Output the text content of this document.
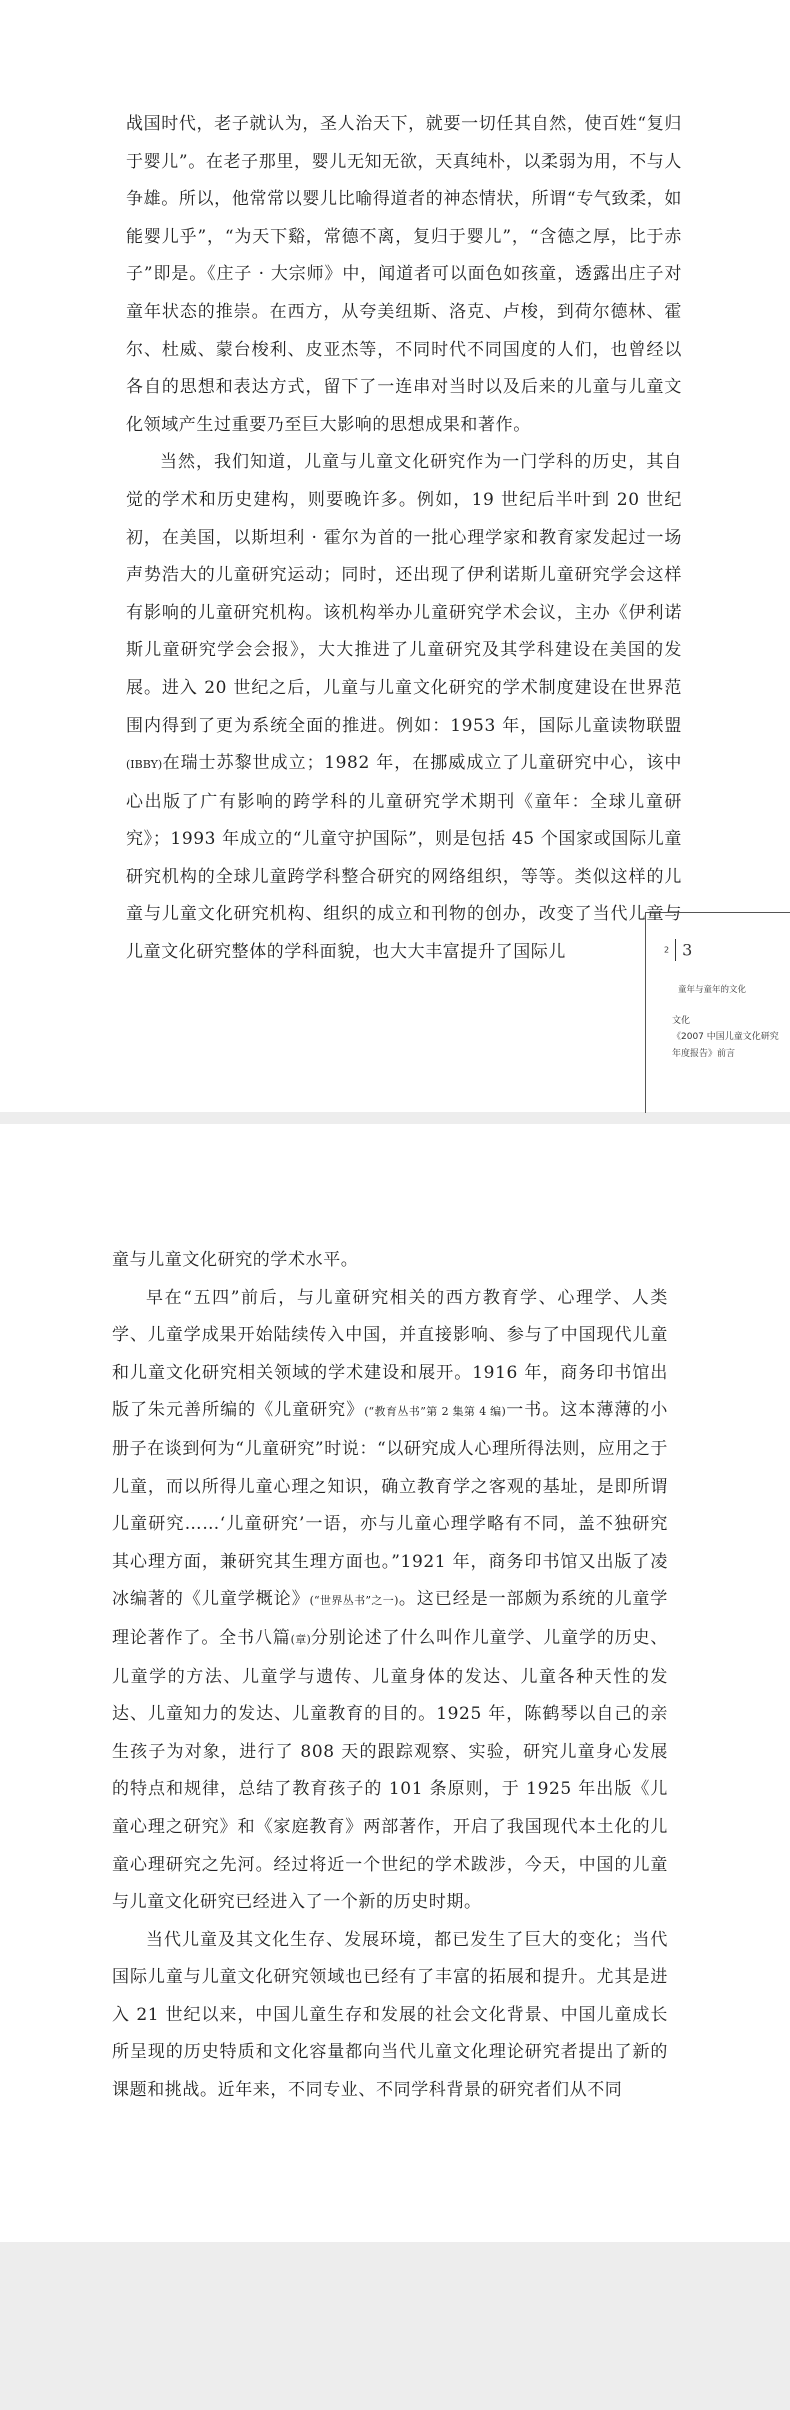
战国时代，老子就认为，圣人治天下，就要一切任其自然，使百姓“复归于婴儿”。在老子那里，婴儿无知无欲，天真纯朴，以柔弱为用，不与人争雄。所以，他常常以婴儿比喻得道者的神态情状，所谓“专气致柔，如能婴儿乎”，“为天下谿，常德不离，复归于婴儿”，“含德之厚，比于赤子”即是。《庄子 · 大宗师》中，闻道者可以面色如孩童，透露出庄子对童年状态的推崇。在西方，从夸美纽斯、洛克、卢梭，到荷尔德林、霍尔、杜威、蒙台梭利、皮亚杰等，不同时代不同国度的人们，也曾经以各自的思想和表达方式，留下了一连串对当时以及后来的儿童与儿童文化领域产生过重要乃至巨大影响的思想成果和著作。

当然，我们知道，儿童与儿童文化研究作为一门学科的历史，其自觉的学术和历史建构，则要晚许多。例如，19 世纪后半叶到 20 世纪初，在美国，以斯坦利 · 霍尔为首的一批心理学家和教育家发起过一场声势浩大的儿童研究运动；同时，还出现了伊利诺斯儿童研究学会这样有影响的儿童研究机构。该机构举办儿童研究学术会议，主办《伊利诺斯儿童研究学会会报》，大大推进了儿童研究及其学科建设在美国的发展。进入 20 世纪之后，儿童与儿童文化研究的学术制度建设在世界范围内得到了更为系统全面的推进。例如：1953 年，国际儿童读物联盟(IBBY)在瑞士苏黎世成立；1982 年，在挪威成立了儿童研究中心，该中心出版了广有影响的跨学科的儿童研究学术期刊《童年：全球儿童研究》；1993 年成立的“儿童守护国际”，则是包括 45 个国家或国际儿童研究机构的全球儿童跨学科整合研究的网络组织，等等。类似这样的儿童与儿童文化研究机构、组织的成立和刊物的创办，改变了当代儿童与儿童文化研究整体的学科面貌，也大大丰富提升了国际儿	2 3
童年与童年的文化
文化
《2007 中国儿童文化研究年度报告》前言

童与儿童文化研究的学术水平。

早在“五四”前后，与儿童研究相关的西方教育学、心理学、人类学、儿童学成果开始陆续传入中国，并直接影响、参与了中国现代儿童和儿童文化研究相关领域的学术建设和展开。1916 年，商务印书馆出版了朱元善所编的《儿童研究》(“教育丛书”第 2 集第 4 编)一书。这本薄薄的小册子在谈到何为“儿童研究”时说：“以研究成人心理所得法则，应用之于儿童，而以所得儿童心理之知识，确立教育学之客观的基址，是即所谓儿童研究……‘儿童研究’一语，亦与儿童心理学略有不同，盖不独研究其心理方面，兼研究其生理方面也。”1921 年，商务印书馆又出版了凌冰编著的《儿童学概论》(“世界丛书”之一)。这已经是一部颇为系统的儿童学理论著作了。全书八篇(章)分别论述了什么叫作儿童学、儿童学的历史、儿童学的方法、儿童学与遗传、儿童身体的发达、儿童各种天性的发达、儿童知力的发达、儿童教育的目的。1925 年，陈鹤琴以自己的亲生孩子为对象，进行了 808 天的跟踪观察、实验，研究儿童身心发展的特点和规律，总结了教育孩子的 101 条原则，于 1925 年出版《儿童心理之研究》和《家庭教育》两部著作，开启了我国现代本土化的儿童心理研究之先河。经过将近一个世纪的学术跋涉，今天，中国的儿童与儿童文化研究已经进入了一个新的历史时期。

当代儿童及其文化生存、发展环境，都已发生了巨大的变化；当代国际儿童与儿童文化研究领域也已经有了丰富的拓展和提升。尤其是进入 21 世纪以来，中国儿童生存和发展的社会文化背景、中国儿童成长所呈现的历史特质和文化容量都向当代儿童文化理论研究者提出了新的课题和挑战。近年来，不同专业、不同学科背景的研究者们从不同
